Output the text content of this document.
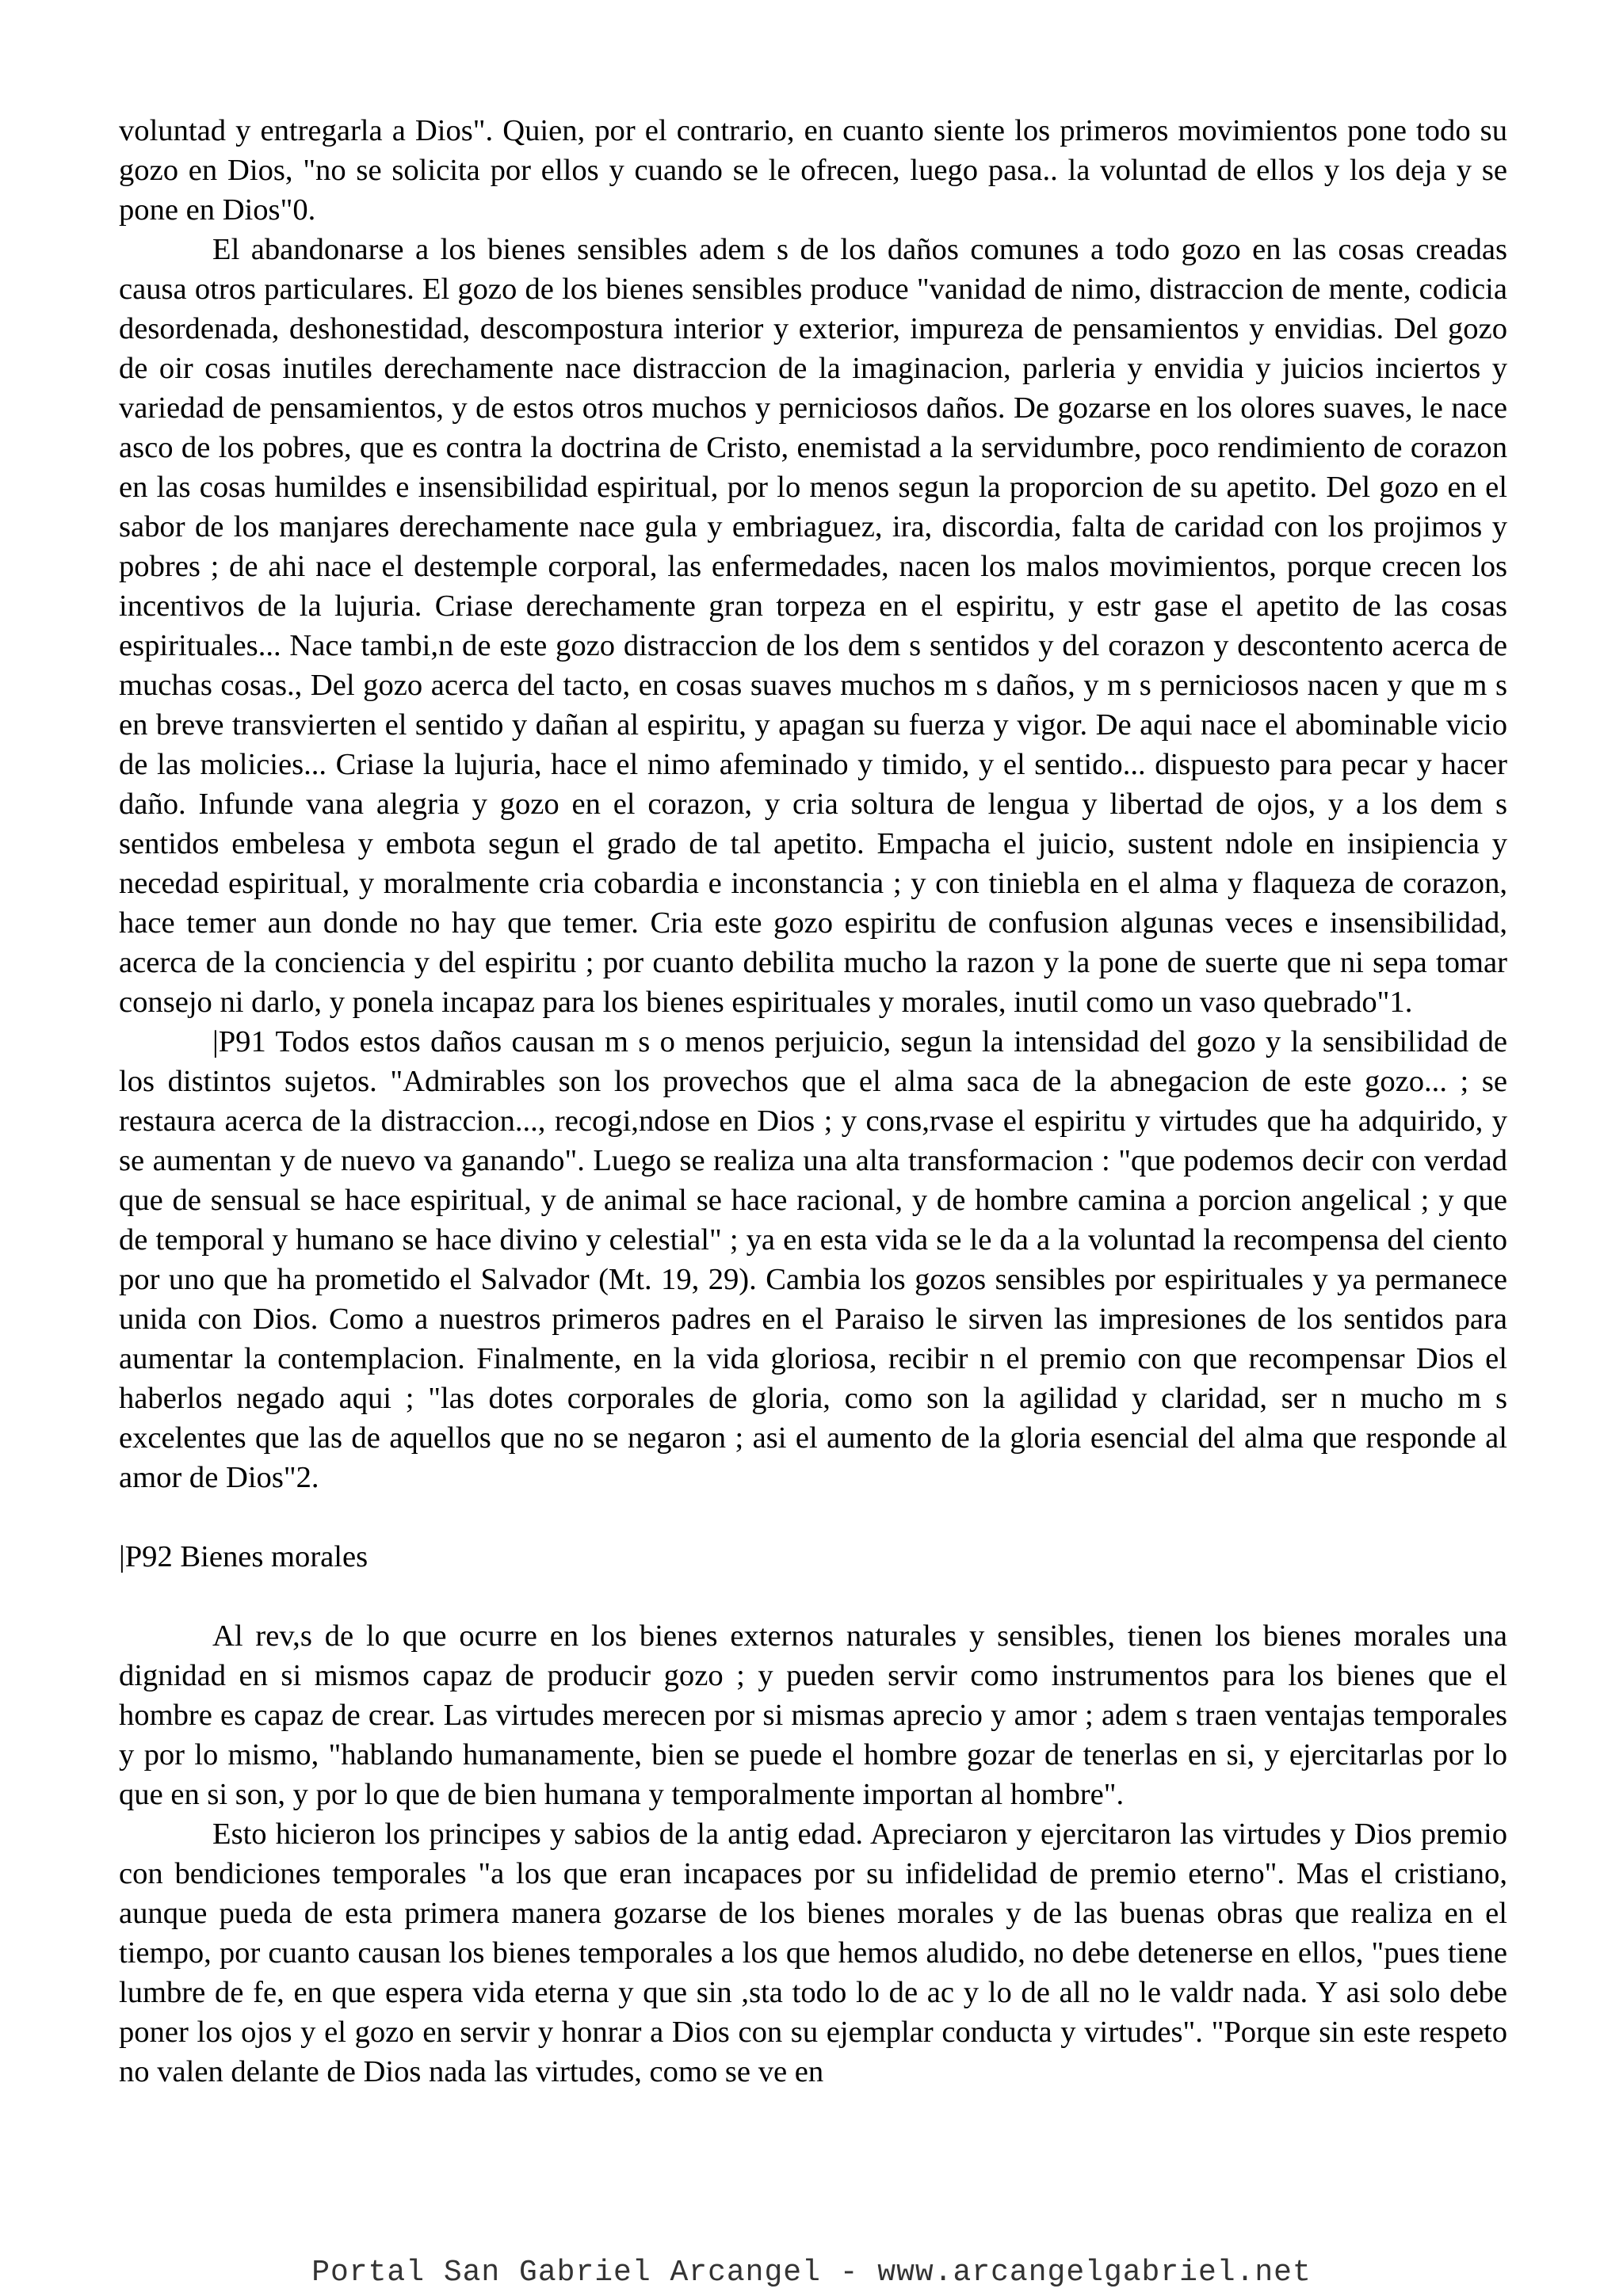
voluntad y entregarla a Dios". Quien, por el contrario, en cuanto siente los primeros movimientos pone todo su gozo en Dios, "no se solicita por ellos y cuando se le ofrecen, luego pasa.. la voluntad de ellos y los deja y se pone en Dios"0.

El abandonarse a los bienes sensibles adem s de los daños comunes a todo gozo en las cosas creadas causa otros particulares. El gozo de los bienes sensibles produce "vanidad de nimo, distraccion de mente, codicia desordenada, deshonestidad, descompostura interior y exterior, impureza de pensamientos y envidias. Del gozo de oir cosas inutiles derechamente nace distraccion de la imaginacion, parleria y envidia y juicios inciertos y variedad de pensamientos, y de estos otros muchos y perniciosos daños. De gozarse en los olores suaves, le nace asco de los pobres, que es contra la doctrina de Cristo, enemistad a la servidumbre, poco rendimiento de corazon en las cosas humildes e insensibilidad espiritual, por lo menos segun la proporcion de su apetito. Del gozo en el sabor de los manjares derechamente nace gula y embriaguez, ira, discordia, falta de caridad con los projimos y pobres ; de ahi nace el destemple corporal, las enfermedades, nacen los malos movimientos, porque crecen los incentivos de la lujuria. Criase derechamente gran torpeza en el espiritu, y estr gase el apetito de las cosas espirituales... Nace tambi,n de este gozo distraccion de los dem s sentidos y del corazon y descontento acerca de muchas cosas., Del gozo acerca del tacto, en cosas suaves muchos m s daños, y m s perniciosos nacen y que m s en breve transvierten el sentido y dañan al espiritu, y apagan su fuerza y vigor. De aqui nace el abominable vicio de las molicies... Criase la lujuria, hace el nimo afeminado y timido, y el sentido... dispuesto para pecar y hacer daño. Infunde vana alegria y gozo en el corazon, y cria soltura de lengua y libertad de ojos, y a los dem s sentidos embelesa y embota segun el grado de tal apetito. Empacha el juicio, sustent ndole en insipiencia y necedad espiritual, y moralmente cria cobardia e inconstancia ; y con tiniebla en el alma y flaqueza de corazon, hace temer aun donde no hay que temer. Cria este gozo espiritu de confusion algunas veces e insensibilidad, acerca de la conciencia y del espiritu ; por cuanto debilita mucho la razon y la pone de suerte que ni sepa tomar consejo ni darlo, y ponela incapaz para los bienes espirituales y morales, inutil como un vaso quebrado"1.

|P91 Todos estos daños causan m s o menos perjuicio, segun la intensidad del gozo y la sensibilidad de los distintos sujetos. "Admirables son los provechos que el alma saca de la abnegacion de este gozo... ; se restaura acerca de la distraccion..., recogi,ndose en Dios ; y cons,rvase el espiritu y virtudes que ha adquirido, y se aumentan y de nuevo va ganando". Luego se realiza una alta transformacion : "que podemos decir con verdad que de sensual se hace espiritual, y de animal se hace racional, y de hombre camina a porcion angelical ; y que de temporal y humano se hace divino y celestial" ; ya en esta vida se le da a la voluntad la recompensa del ciento por uno que ha prometido el Salvador (Mt. 19, 29). Cambia los gozos sensibles por espirituales y ya permanece unida con Dios. Como a nuestros primeros padres en el Paraiso le sirven las impresiones de los sentidos para aumentar la contemplacion. Finalmente, en la vida gloriosa, recibir n el premio con que recompensar Dios el haberlos negado aqui ; "las dotes corporales de gloria, como son la agilidad y claridad, ser n mucho m s excelentes que las de aquellos que no se negaron ; asi el aumento de la gloria esencial del alma que responde al amor de Dios"2.

|P92 Bienes morales

Al rev,s de lo que ocurre en los bienes externos naturales y sensibles, tienen los bienes morales una dignidad en si mismos capaz de producir gozo ; y pueden servir como instrumentos para los bienes que el hombre es capaz de crear. Las virtudes merecen por si mismas aprecio y amor ; adem s traen ventajas temporales y por lo mismo, "hablando humanamente, bien se puede el hombre gozar de tenerlas en si, y ejercitarlas por lo que en si son, y por lo que de bien humana y temporalmente importan al hombre".

Esto hicieron los principes y sabios de la antig edad. Apreciaron y ejercitaron las virtudes y Dios premio con bendiciones temporales "a los que eran incapaces por su infidelidad de premio eterno". Mas el cristiano, aunque pueda de esta primera manera gozarse de los bienes morales y de las buenas obras que realiza en el tiempo, por cuanto causan los bienes temporales a los que hemos aludido, no debe detenerse en ellos, "pues tiene lumbre de fe, en que espera vida eterna y que sin ,sta todo lo de ac y lo de all no le valdr nada. Y asi solo debe poner los ojos y el gozo en servir y honrar a Dios con su ejemplar conducta y virtudes". "Porque sin este respeto no valen delante de Dios nada las virtudes, como se ve en

Portal San Gabriel Arcangel - www.arcangelgabriel.net
